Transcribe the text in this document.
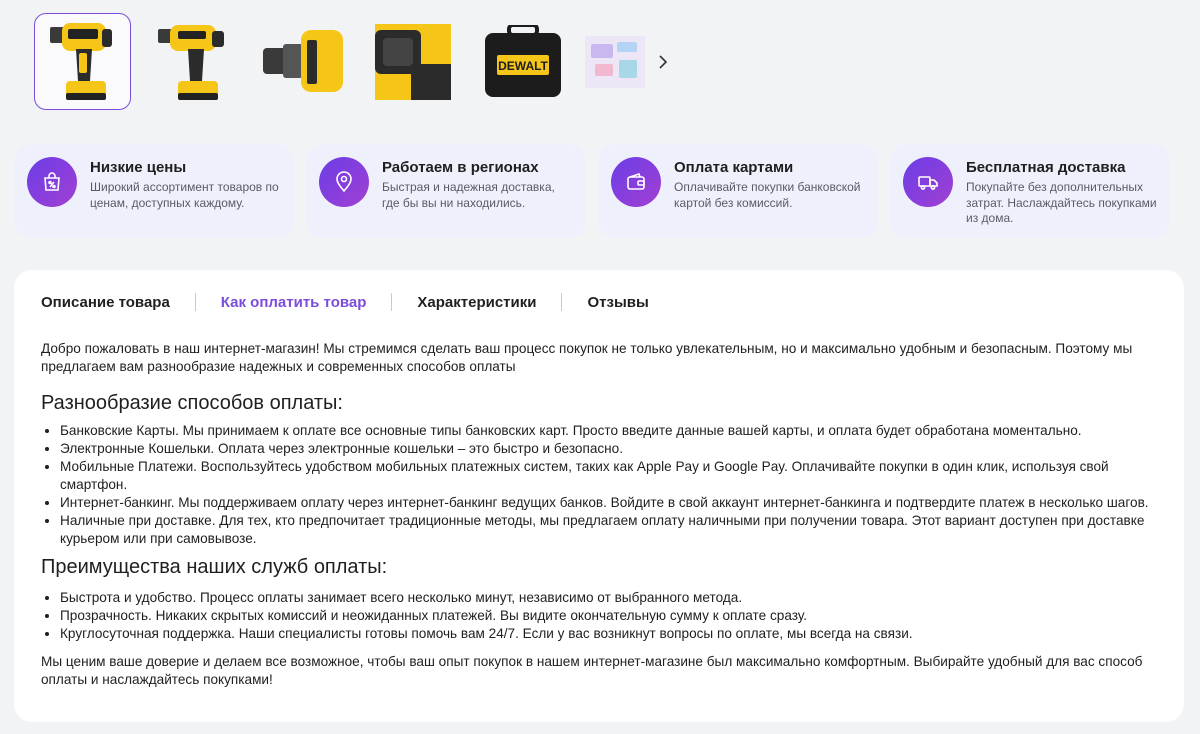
DEWALT
Низкие цены
Широкий ассортимент товаров по ценам, доступных каждому.
Работаем в регионах
Быстрая и надежная доставка, где бы вы ни находились.
Оплата картами
Оплачивайте покупки банковской картой без комиссий.
Бесплатная доставка
Покупайте без дополнительных затрат. Наслаждайтесь покупками из дома.
Описание товара	Как оплатить товар	Характеристики	Отзывы

Добро пожаловать в наш интернет-магазин! Мы стремимся сделать ваш процесс покупок не только увлекательным, но и максимально удобным и безопасным. Поэтому мы предлагаем вам разнообразие надежных и современных способов оплаты

Разнообразие способов оплаты:
• Банковские Карты. Мы принимаем к оплате все основные типы банковских карт. Просто введите данные вашей карты, и оплата будет обработана моментально.
• Электронные Кошельки. Оплата через электронные кошельки – это быстро и безопасно.
• Мобильные Платежи. Воспользуйтесь удобством мобильных платежных систем, таких как Apple Pay и Google Pay. Оплачивайте покупки в один клик, используя свой смартфон.
• Интернет-банкинг. Мы поддерживаем оплату через интернет-банкинг ведущих банков. Войдите в свой аккаунт интернет-банкинга и подтвердите платеж в несколько шагов.
• Наличные при доставке. Для тех, кто предпочитает традиционные методы, мы предлагаем оплату наличными при получении товара. Этот вариант доступен при доставке курьером или при самовывозе.
Преимущества наших служб оплаты:
• Быстрота и удобство. Процесс оплаты занимает всего несколько минут, независимо от выбранного метода.
• Прозрачность. Никаких скрытых комиссий и неожиданных платежей. Вы видите окончательную сумму к оплате сразу.
• Круглосуточная поддержка. Наши специалисты готовы помочь вам 24/7. Если у вас возникнут вопросы по оплате, мы всегда на связи.

Мы ценим ваше доверие и делаем все возможное, чтобы ваш опыт покупок в нашем интернет-магазине был максимально комфортным. Выбирайте удобный для вас способ оплаты и наслаждайтесь покупками!
